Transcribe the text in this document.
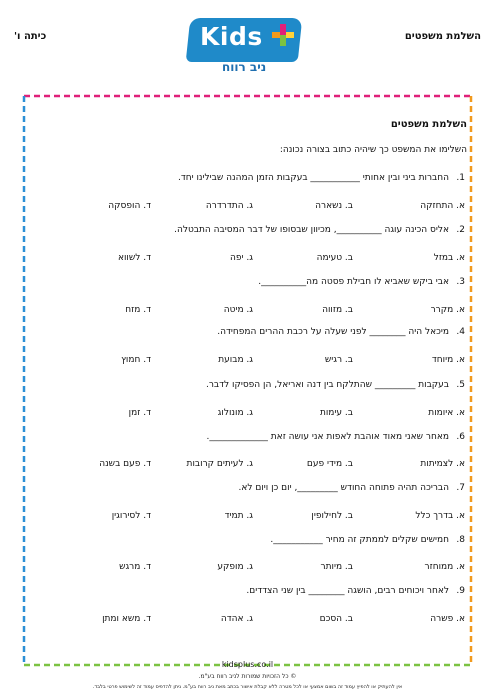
השלמת משפטים
כיתה ו'	Kids
ניב רווח
השלמת משפטים
השלימו את המשפט כך שיהיה כתוב בצורה נכונה:
1.
החברות ביני ובין אחותי ___________ בעקבות הזמן המהנה שבילינו יחד.
א. התחזקה
ב. נשארה
ג. התדרדרה
ד. הופסקה
2.
אליס הכינה עוגה __________, מכיוון שבסופו של דבר המסיבה התבטלה.
א. במזל
ב. טעימה
ג. יפה
ד. לשווא
3.
אבי ביקש שאביא לו חבילת פסטה מה__________.
א. מקרר
ב. מזווה
ג. מיטה
ד. מזח
4.
מיכאל היה ________ לפני שעלה על רכבת ההרים המפחידה.
א. מיוחד
ב. רגיש
ג. מבועת
ד. חמוץ
5.
בעקבות _________ שהתלקח בין דנה ואריאל, הן הפסיקו לדבר.
א. איומות
ב. עימות
ג. מונולוג
ד. זמן
6.
מאחר שאני מאוד אוהבת לאפות אני עושה זאת _____________.
א. לצמיתות
ב. מידי פעם
ג. לעיתים קרובות
ד. פעם בשנה
7.
הבריכה תהיה פתוחה החודש _________, יום כן ויום לא.
א. בדרך כלל
ב. לחילופין
ג. תמיד
ד. לסירוגין
8.
חמישים שקלים לממתק זה מחיר ___________.
א. ממוחזר
ב. מיותר
ג. מופקע
ד. מרגש
9.
לאחר ויכוחים רבים, הושגה ________ בין שני הצדדים.
א. פשרה
ב. הסכם
ג. אהדה
ד. משא ומתן
kidsplus.co.il
© כל הזכויות שמורות לניב רווח בע"מ.
אין להעתיק או להפיץ עמוד זה בשום אמצעי או לכל מטרה ללא קבלת אישור בכתב מאת ניב רווח בע"מ. ניתן להדפיס עמוד זה לשימוש פרטי בלבד.
